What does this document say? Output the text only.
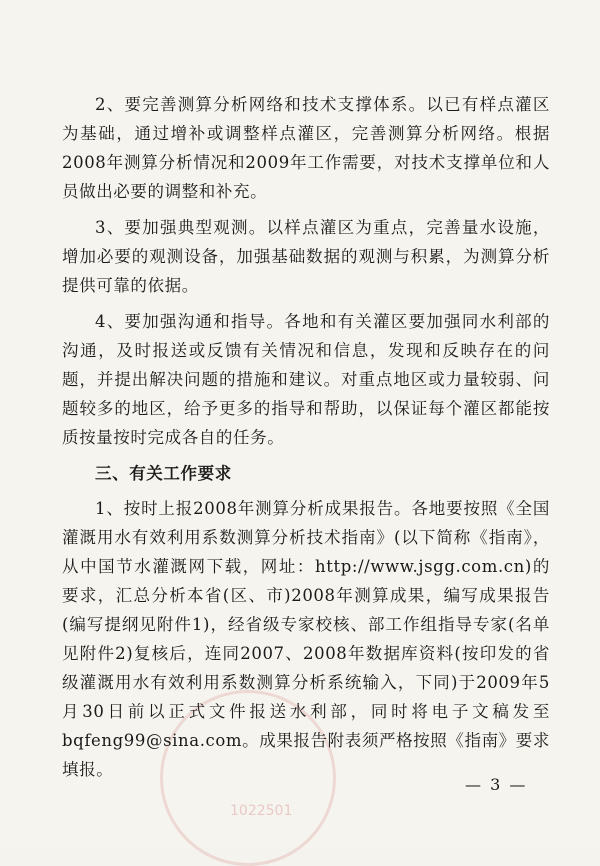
1022501

2、要完善测算分析网络和技术支撑体系。以已有样点灌区为基础，通过增补或调整样点灌区，完善测算分析网络。根据2008年测算分析情况和2009年工作需要，对技术支撑单位和人员做出必要的调整和补充。

3、要加强典型观测。以样点灌区为重点，完善量水设施，增加必要的观测设备，加强基础数据的观测与积累，为测算分析提供可靠的依据。

4、要加强沟通和指导。各地和有关灌区要加强同水利部的沟通，及时报送或反馈有关情况和信息，发现和反映存在的问题，并提出解决问题的措施和建议。对重点地区或力量较弱、问题较多的地区，给予更多的指导和帮助，以保证每个灌区都能按质按量按时完成各自的任务。

三、有关工作要求

1、按时上报2008年测算分析成果报告。各地要按照《全国灌溉用水有效利用系数测算分析技术指南》(以下简称《指南》，从中国节水灌溉网下载，网址：http://www.jsgg.com.cn)的要求，汇总分析本省(区、市)2008年测算成果，编写成果报告(编写提纲见附件1)，经省级专家校核、部工作组指导专家(名单见附件2)复核后，连同2007、2008年数据库资料(按印发的省级灌溉用水有效利用系数测算分析系统输入，下同)于2009年5月30日前以正式文件报送水利部，同时将电子文稿发至bqfeng99@sina.com。成果报告附表须严格按照《指南》要求填报。

— 3 —
